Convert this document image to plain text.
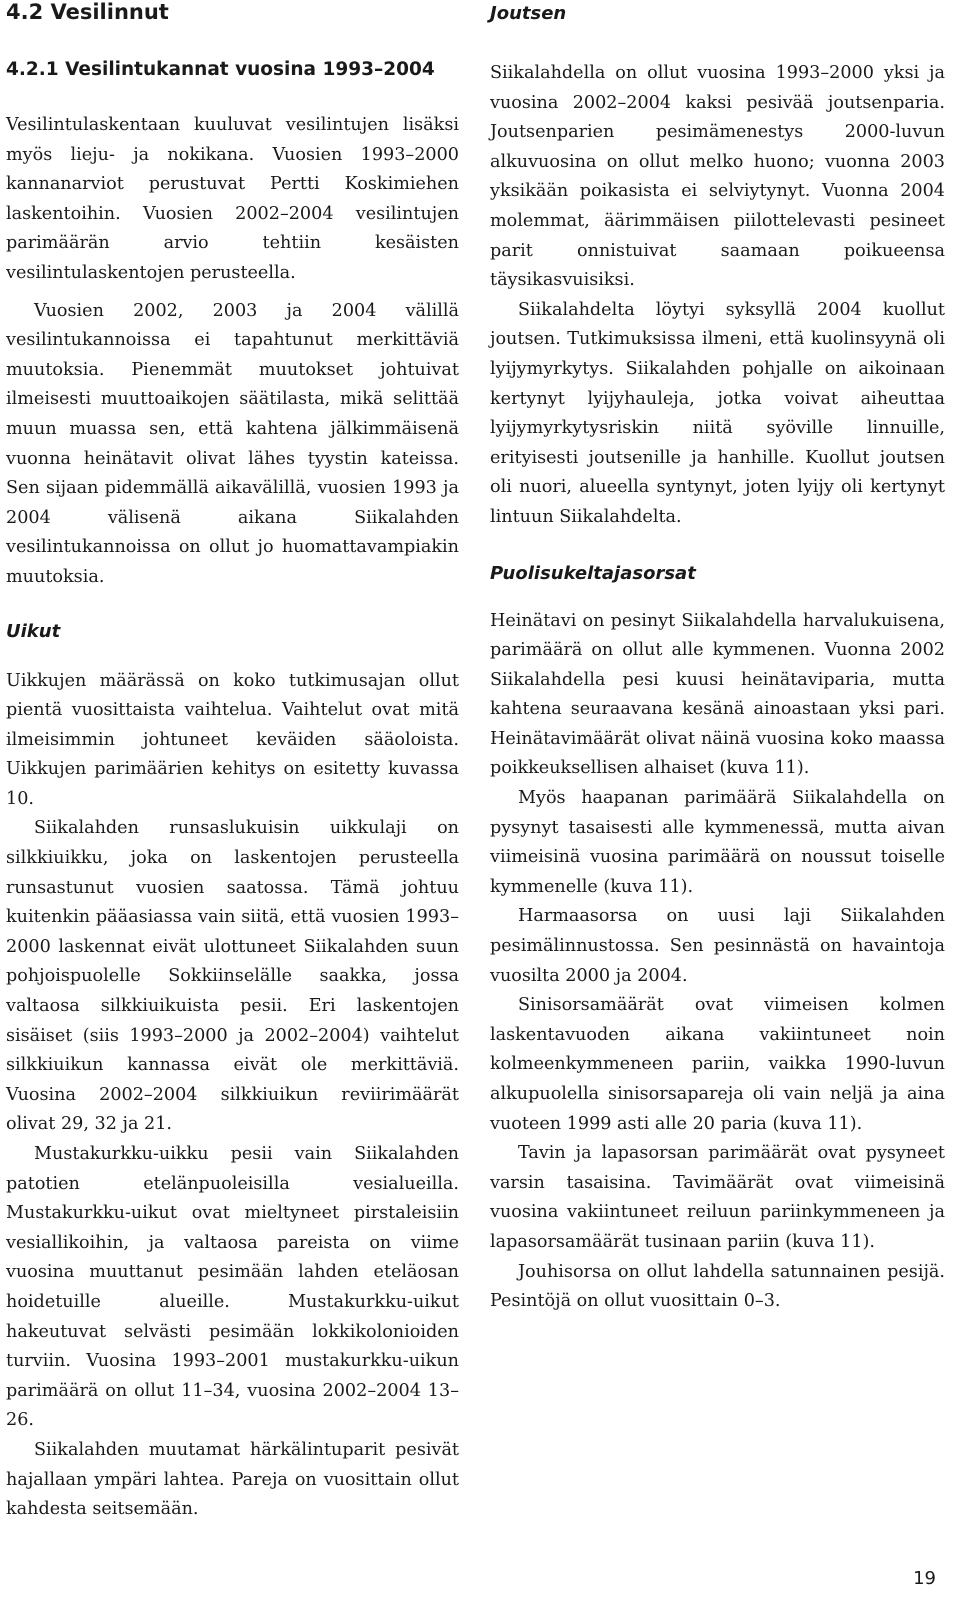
4.2 Vesilinnut
4.2.1 Vesilintukannat vuosina 1993–2004

Vesilintulaskentaan kuuluvat vesilintujen lisäksi myös lieju- ja nokikana. Vuosien 1993–2000 kannanarviot perustuvat Pertti Koskimiehen laskentoihin. Vuosien 2002–2004 vesilintujen parimäärän arvio tehtiin kesäisten vesilintulaskentojen perusteella.

Vuosien 2002, 2003 ja 2004 välillä vesilintukannoissa ei tapahtunut merkittäviä muutoksia. Pienemmät muutokset johtuivat ilmeisesti muuttoaikojen säätilasta, mikä selittää muun muassa sen, että kahtena jälkimmäisenä vuonna heinätavit olivat lähes tyystin kateissa. Sen sijaan pidemmällä aikavälillä, vuosien 1993 ja 2004 välisenä aikana Siikalahden vesilintukannoissa on ollut jo huomattavampiakin muutoksia.

Uikut

Uikkujen määrässä on koko tutkimusajan ollut pientä vuosittaista vaihtelua. Vaihtelut ovat mitä ilmeisimmin johtuneet keväiden sääoloista. Uikkujen parimäärien kehitys on esitetty kuvassa 10.

Siikalahden runsaslukuisin uikkulaji on silkkiuikku, joka on laskentojen perusteella runsastunut vuosien saatossa. Tämä johtuu kuitenkin pääasiassa vain siitä, että vuosien 1993–2000 laskennat eivät ulottuneet Siikalahden suun pohjoispuolelle Sokkiinselälle saakka, jossa valtaosa silkkiuikuista pesii. Eri laskentojen sisäiset (siis 1993–2000 ja 2002–2004) vaihtelut silkkiuikun kannassa eivät ole merkittäviä. Vuosina 2002–2004 silkkiuikun reviirimäärät olivat 29, 32 ja 21.

Mustakurkku-uikku pesii vain Siikalahden patotien etelänpuoleisilla vesialueilla. Mustakurkku-uikut ovat mieltyneet pirstaleisiin vesiallikoihin, ja valtaosa pareista on viime vuosina muuttanut pesimään lahden eteläosan hoidetuille alueille. Mustakurkku-uikut hakeutuvat selvästi pesimään lokkikolonioiden turviin. Vuosina 1993–2001 mustakurkku-uikun parimäärä on ollut 11–34, vuosina 2002–2004 13–26.

Siikalahden muutamat härkälintuparit pesivät hajallaan ympäri lahtea. Pareja on vuosittain ollut kahdesta seitsemään.

Joutsen

Siikalahdella on ollut vuosina 1993–2000 yksi ja vuosina 2002–2004 kaksi pesivää joutsenparia. Joutsenparien pesimämenestys 2000-luvun alkuvuosina on ollut melko huono; vuonna 2003 yksikään poikasista ei selviytynyt. Vuonna 2004 molemmat, äärimmäisen piilottelevasti pesineet parit onnistuivat saamaan poikueensa täysikasvuisiksi.

Siikalahdelta löytyi syksyllä 2004 kuollut joutsen. Tutkimuksissa ilmeni, että kuolinsyynä oli lyijymyrkytys. Siikalahden pohjalle on aikoinaan kertynyt lyijyhauleja, jotka voivat aiheuttaa lyijymyrkytysriskin niitä syöville linnuille, erityisesti joutsenille ja hanhille. Kuollut joutsen oli nuori, alueella syntynyt, joten lyijy oli kertynyt lintuun Siikalahdelta.

Puolisukeltajasorsat

Heinätavi on pesinyt Siikalahdella harvalukuisena, parimäärä on ollut alle kymmenen. Vuonna 2002 Siikalahdella pesi kuusi heinätaviparia, mutta kahtena seuraavana kesänä ainoastaan yksi pari. Heinätavimäärät olivat näinä vuosina koko maassa poikkeuksellisen alhaiset (kuva 11).

Myös haapanan parimäärä Siikalahdella on pysynyt tasaisesti alle kymmenessä, mutta aivan viimeisinä vuosina parimäärä on noussut toiselle kymmenelle (kuva 11).

Harmaasorsa on uusi laji Siikalahden pesimälinnustossa. Sen pesinnästä on havaintoja vuosilta 2000 ja 2004.

Sinisorsamäärät ovat viimeisen kolmen laskentavuoden aikana vakiintuneet noin kolmeenkymmeneen pariin, vaikka 1990-luvun alkupuolella sinisorsapareja oli vain neljä ja aina vuoteen 1999 asti alle 20 paria (kuva 11).

Tavin ja lapasorsan parimäärät ovat pysyneet varsin tasaisina. Tavimäärät ovat viimeisinä vuosina vakiintuneet reiluun pariinkymmeneen ja lapasorsamäärät tusinaan pariin (kuva 11).

Jouhisorsa on ollut lahdella satunnainen pesijä. Pesintöjä on ollut vuosittain 0–3.

19
